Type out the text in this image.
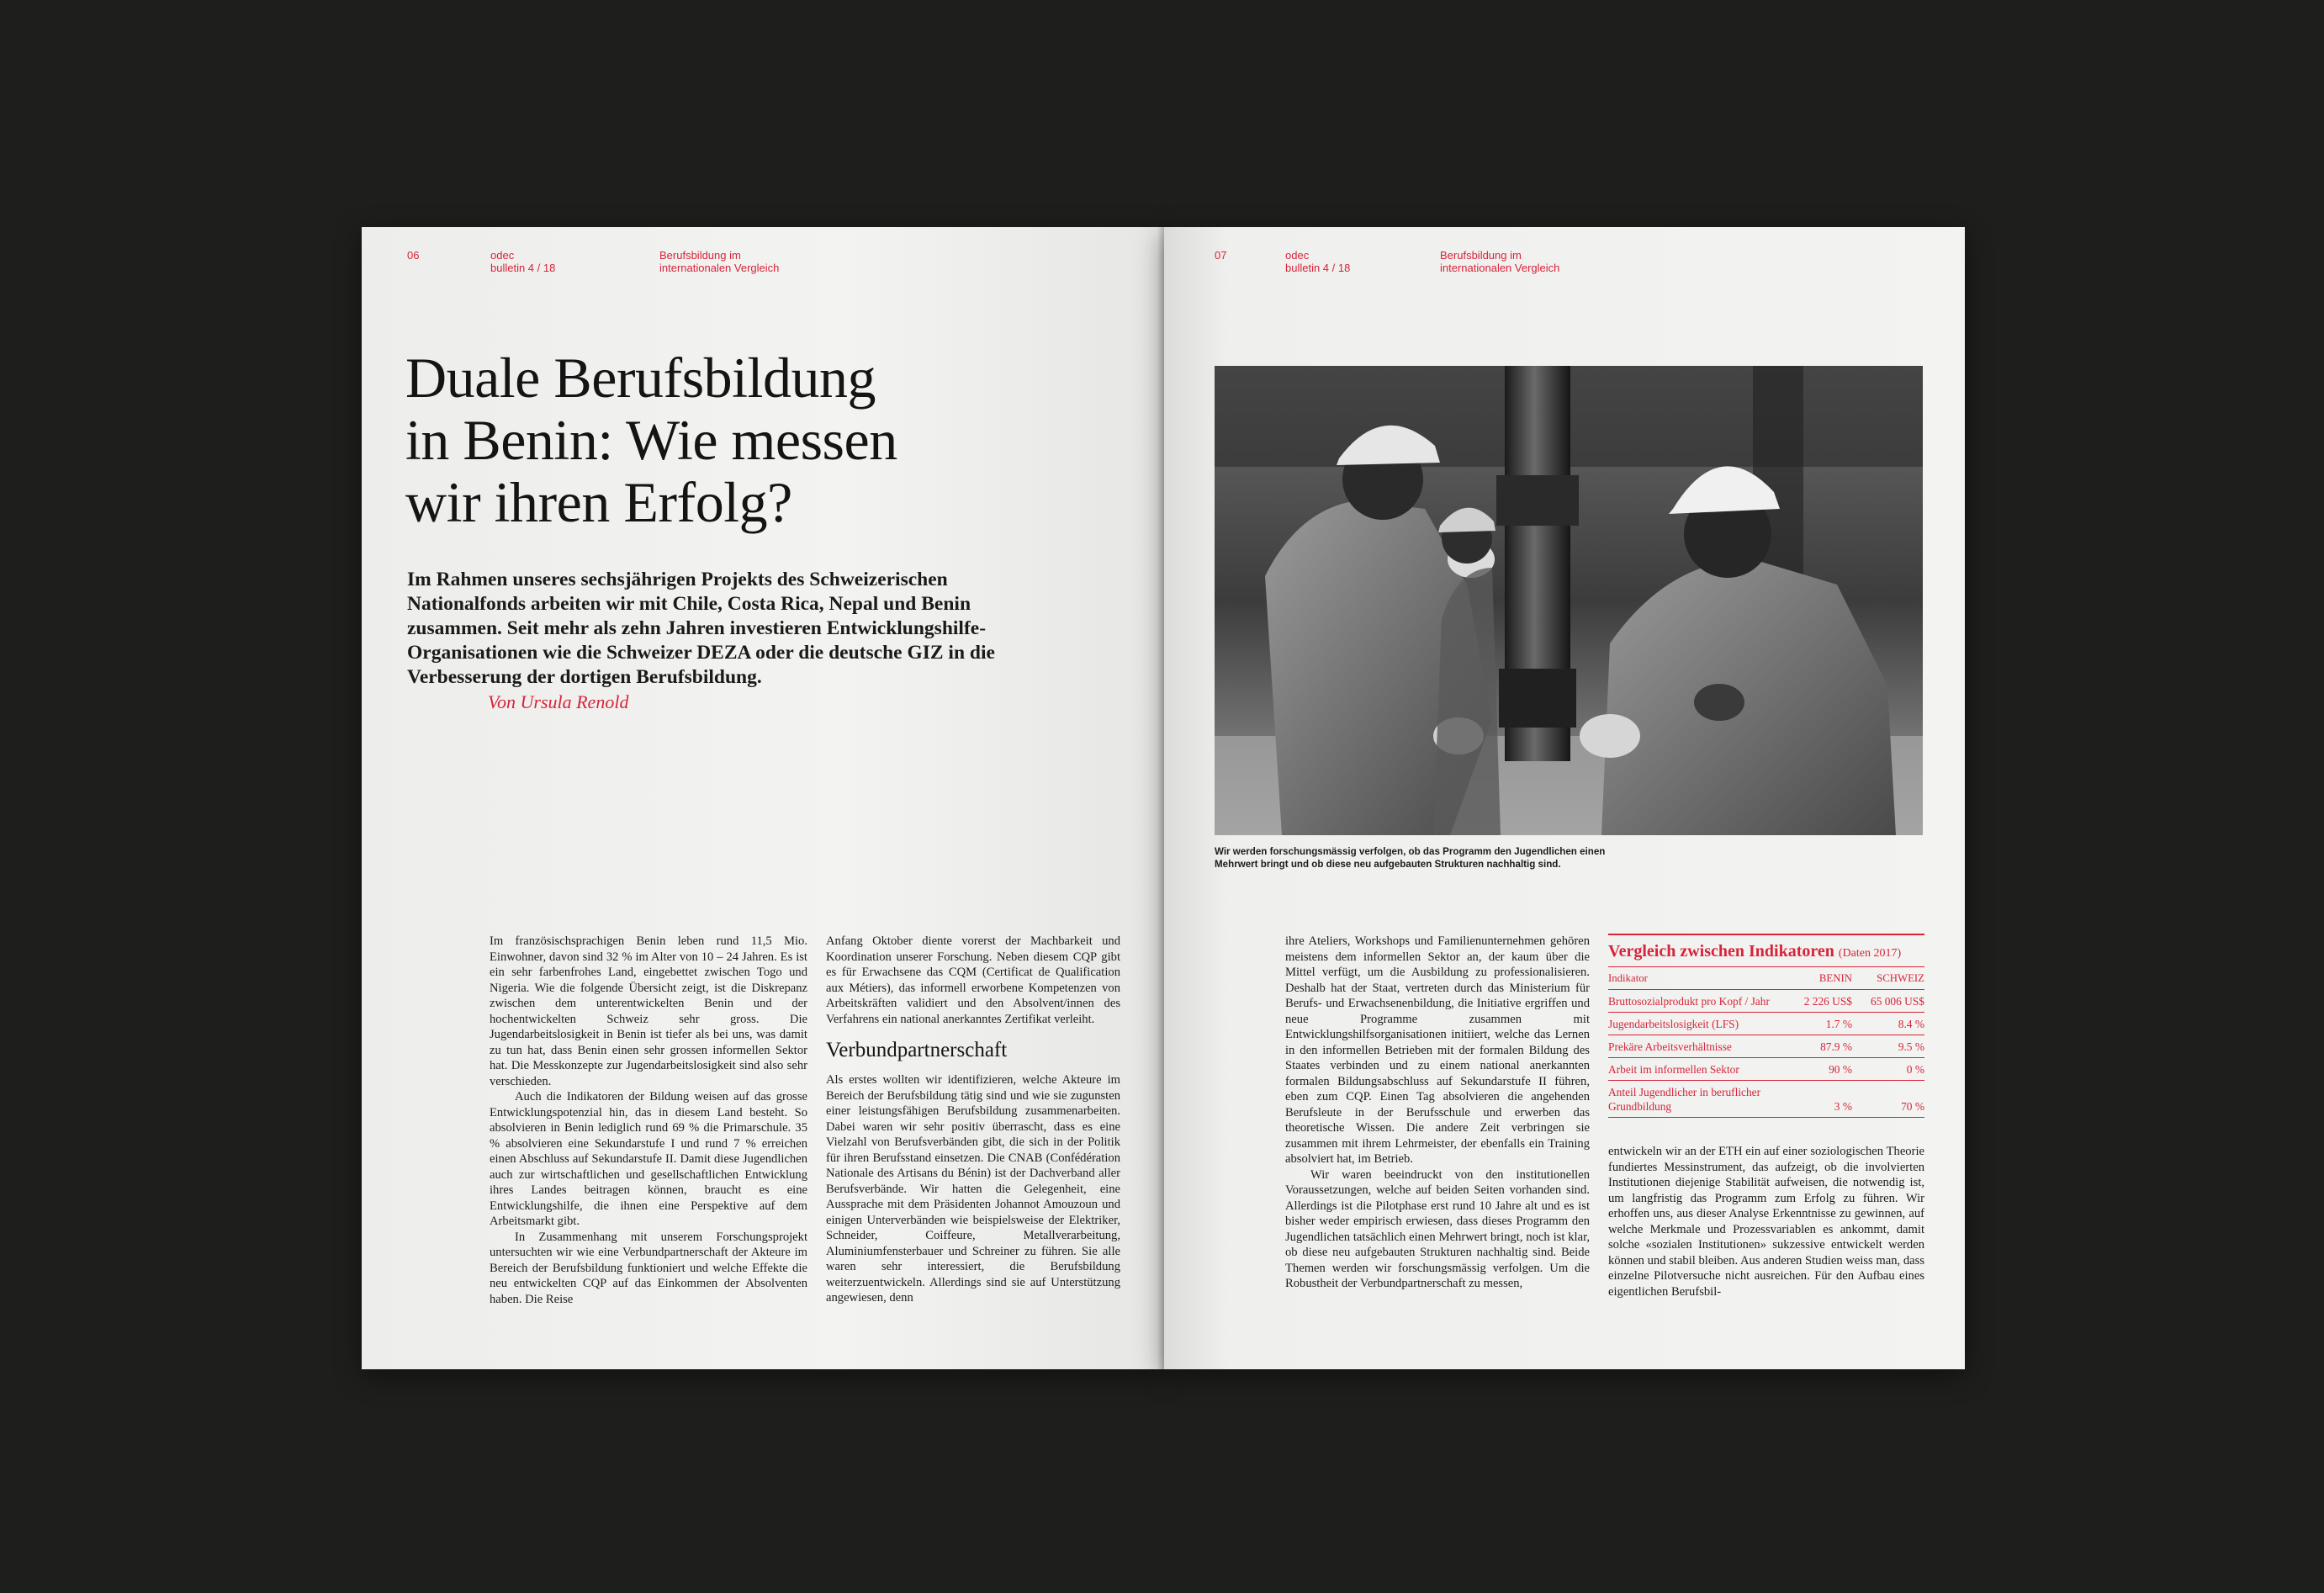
06	odec
bulletin 4 / 18
Berufsbildung im
internationalen Vergleich
Duale Berufsbildung
in Benin: Wie messen
wir ihren Erfolg?

Im Rahmen unseres sechsjährigen Projekts des Schweizerischen Nationalfonds arbeiten wir mit Chile, Costa Rica, Nepal und Benin zusammen. Seit mehr als zehn Jahren investieren Entwicklungshilfe-Organisationen wie die Schweizer DEZA oder die deutsche GIZ in die Verbesserung der dortigen Berufsbildung.

Von Ursula Renold

Im französischsprachigen Benin leben rund 11,5 Mio. Einwohner, davon sind 32 % im Alter von 10 – 24 Jahren. Es ist ein sehr farbenfrohes Land, eingebettet zwischen Togo und Nigeria. Wie die folgende Übersicht zeigt, ist die Diskrepanz zwischen dem unterentwickelten Benin und der hochentwickelten Schweiz sehr gross. Die Jugendarbeitslosigkeit in Benin ist tiefer als bei uns, was damit zu tun hat, dass Benin einen sehr grossen informellen Sektor hat. Die Messkonzepte zur Jugendarbeitslosigkeit sind also sehr verschieden.

Auch die Indikatoren der Bildung weisen auf das grosse Entwicklungspotenzial hin, das in diesem Land besteht. So absolvieren in Benin lediglich rund 69 % die Primarschule. 35 % absolvieren eine Sekundarstufe I und rund 7 % erreichen einen Abschluss auf Sekundarstufe II. Damit diese Jugendlichen auch zur wirtschaftlichen und gesellschaftlichen Entwicklung ihres Landes beitragen können, braucht es eine Entwicklungshilfe, die ihnen eine Perspektive auf dem Arbeitsmarkt gibt.

In Zusammenhang mit unserem Forschungsprojekt untersuchten wir wie eine Verbundpartnerschaft der Akteure im Bereich der Berufsbildung funktioniert und welche Effekte die neu entwickelten CQP auf das Einkommen der Absolventen haben. Die Reise

Anfang Oktober diente vorerst der Machbarkeit und Koordination unserer Forschung. Neben diesem CQP gibt es für Erwachsene das CQM (Certificat de Qualification aux Métiers), das informell erworbene Kompetenzen von Arbeitskräften validiert und den Absolvent/innen des Verfahrens ein national anerkanntes Zertifikat verleiht.

Verbundpartnerschaft
Als erstes wollten wir identifizieren, welche Akteure im Bereich der Berufsbildung tätig sind und wie sie zugunsten einer leistungsfähigen Berufsbildung zusammenarbeiten. Dabei waren wir sehr positiv überrascht, dass es eine Vielzahl von Berufsverbänden gibt, die sich in der Politik für ihren Berufsstand einsetzen. Die CNAB (Confédération Nationale des Artisans du Bénin) ist der Dachverband aller Berufsverbände. Wir hatten die Gelegenheit, eine Aussprache mit dem Präsidenten Johannot Amouzoun und einigen Unterverbänden wie beispielsweise der Elektriker, Schneider, Coiffeure, Metallverarbeitung, Aluminiumfensterbauer und Schreiner zu führen. Sie alle waren sehr interessiert, die Berufsbildung weiterzuentwickeln. Allerdings sind sie auf Unterstützung angewiesen, denn
07	odec
bulletin 4 / 18
Berufsbildung im
internationalen Vergleich
Wir werden forschungsmässig verfolgen, ob das Programm den Jugendlichen einen Mehrwert bringt und ob diese neu aufgebauten Strukturen nachhaltig sind.

ihre Ateliers, Workshops und Familienunternehmen gehören meistens dem informellen Sektor an, der kaum über die Mittel verfügt, um die Ausbildung zu professionalisieren. Deshalb hat der Staat, vertreten durch das Ministerium für Berufs- und Erwachsenenbildung, die Initiative ergriffen und neue Programme zusammen mit Entwicklungshilfsorganisationen initiiert, welche das Lernen in den informellen Betrieben mit der formalen Bildung des Staates verbinden und zu einem national anerkannten formalen Bildungsabschluss auf Sekundarstufe II führen, eben zum CQP. Einen Tag absolvieren die angehenden Berufsleute in der Berufsschule und erwerben das theoretische Wissen. Die andere Zeit verbringen sie zusammen mit ihrem Lehrmeister, der ebenfalls ein Training absolviert hat, im Betrieb.

Wir waren beeindruckt von den institutionellen Voraussetzungen, welche auf beiden Seiten vorhanden sind. Allerdings ist die Pilotphase erst rund 10 Jahre alt und es ist bisher weder empirisch erwiesen, dass dieses Programm den Jugendlichen tatsächlich einen Mehrwert bringt, noch ist klar, ob diese neu aufgebauten Strukturen nachhaltig sind. Beide Themen werden wir forschungsmässig verfolgen. Um die Robustheit der Verbundpartnerschaft zu messen,

Vergleich zwischen Indikatoren (Daten 2017)
Indikator	BENIN	SCHWEIZ
Bruttosozialprodukt pro Kopf / Jahr	2 226 US$	65 006 US$
Jugendarbeitslosigkeit (LFS)	1.7 %	8.4 %
Prekäre Arbeitsverhältnisse	87.9 %	9.5 %
Arbeit im informellen Sektor	90 %	0 %
Anteil Jugendlicher in beruflicher Grundbildung	3 %	70 %
entwickeln wir an der ETH ein auf einer soziologischen Theorie fundiertes Messinstrument, das aufzeigt, ob die involvierten Institutionen diejenige Stabilität aufweisen, die notwendig ist, um langfristig das Programm zum Erfolg zu führen. Wir erhoffen uns, aus dieser Analyse Erkenntnisse zu gewinnen, auf welche Merkmale und Prozessvariablen es ankommt, damit solche «sozialen Institutionen» sukzessive entwickelt werden können und stabil bleiben. Aus anderen Studien weiss man, dass einzelne Pilotversuche nicht ausreichen. Für den Aufbau eines eigentlichen Berufsbil-
